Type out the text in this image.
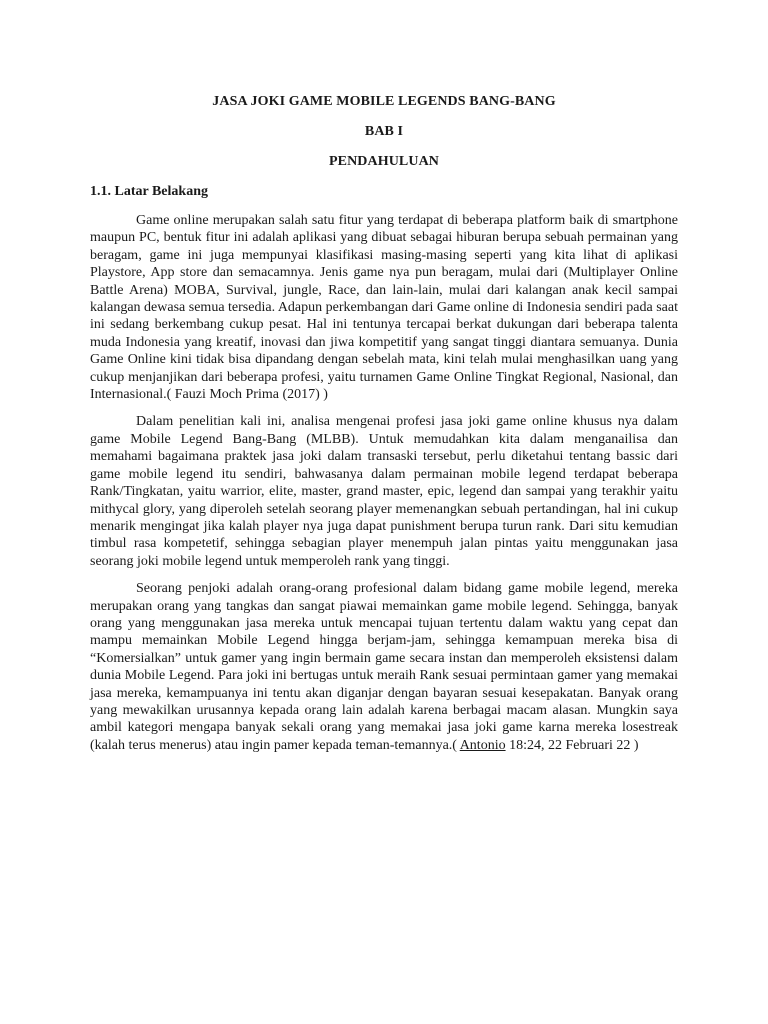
JASA JOKI GAME MOBILE LEGENDS BANG-BANG
BAB I
PENDAHULUAN
1.1. Latar Belakang

Game online merupakan salah satu fitur yang terdapat di beberapa platform baik di smartphone maupun PC, bentuk fitur ini adalah aplikasi yang dibuat sebagai hiburan berupa sebuah permainan yang beragam, game ini juga mempunyai klasifikasi masing-masing seperti yang kita lihat di aplikasi Playstore, App store dan semacamnya. Jenis game nya pun beragam, mulai dari (Multiplayer Online Battle Arena) MOBA, Survival, jungle, Race, dan lain-lain, mulai dari kalangan anak kecil sampai kalangan dewasa semua tersedia. Adapun perkembangan dari Game online di Indonesia sendiri pada saat ini sedang berkembang cukup pesat. Hal ini tentunya tercapai berkat dukungan dari beberapa talenta muda Indonesia yang kreatif, inovasi dan jiwa kompetitif yang sangat tinggi diantara semuanya. Dunia Game Online kini tidak bisa dipandang dengan sebelah mata, kini telah mulai menghasilkan uang yang cukup menjanjikan dari beberapa profesi, yaitu turnamen Game Online Tingkat Regional, Nasional, dan Internasional.( Fauzi Moch Prima (2017) )

Dalam penelitian kali ini, analisa mengenai profesi jasa joki game online khusus nya dalam game Mobile Legend Bang-Bang (MLBB). Untuk memudahkan kita dalam menganailisa dan memahami bagaimana praktek jasa joki dalam transaski tersebut, perlu diketahui tentang bassic dari game mobile legend itu sendiri, bahwasanya dalam permainan mobile legend terdapat beberapa Rank/Tingkatan, yaitu warrior, elite, master, grand master, epic, legend dan sampai yang terakhir yaitu mithycal glory, yang diperoleh setelah seorang player memenangkan sebuah pertandingan, hal ini cukup menarik mengingat jika kalah player nya juga dapat punishment berupa turun rank. Dari situ kemudian timbul rasa kompetetif, sehingga sebagian player menempuh jalan pintas yaitu menggunakan jasa seorang joki mobile legend untuk memperoleh rank yang tinggi.

Seorang penjoki adalah orang-orang profesional dalam bidang game mobile legend, mereka merupakan orang yang tangkas dan sangat piawai memainkan game mobile legend. Sehingga, banyak orang yang menggunakan jasa mereka untuk mencapai tujuan tertentu dalam waktu yang cepat dan mampu memainkan Mobile Legend hingga berjam-jam, sehingga kemampuan mereka bisa di “Komersialkan” untuk gamer yang ingin bermain game secara instan dan memperoleh eksistensi dalam dunia Mobile Legend. Para joki ini bertugas untuk meraih Rank sesuai permintaan gamer yang memakai jasa mereka, kemampuanya ini tentu akan diganjar dengan bayaran sesuai kesepakatan. Banyak orang yang mewakilkan urusannya kepada orang lain adalah karena berbagai macam alasan. Mungkin saya ambil kategori mengapa banyak sekali orang yang memakai jasa joki game karna mereka losestreak (kalah terus menerus) atau ingin pamer kepada teman-temannya.( Antonio 18:24, 22 Februari 22 )
